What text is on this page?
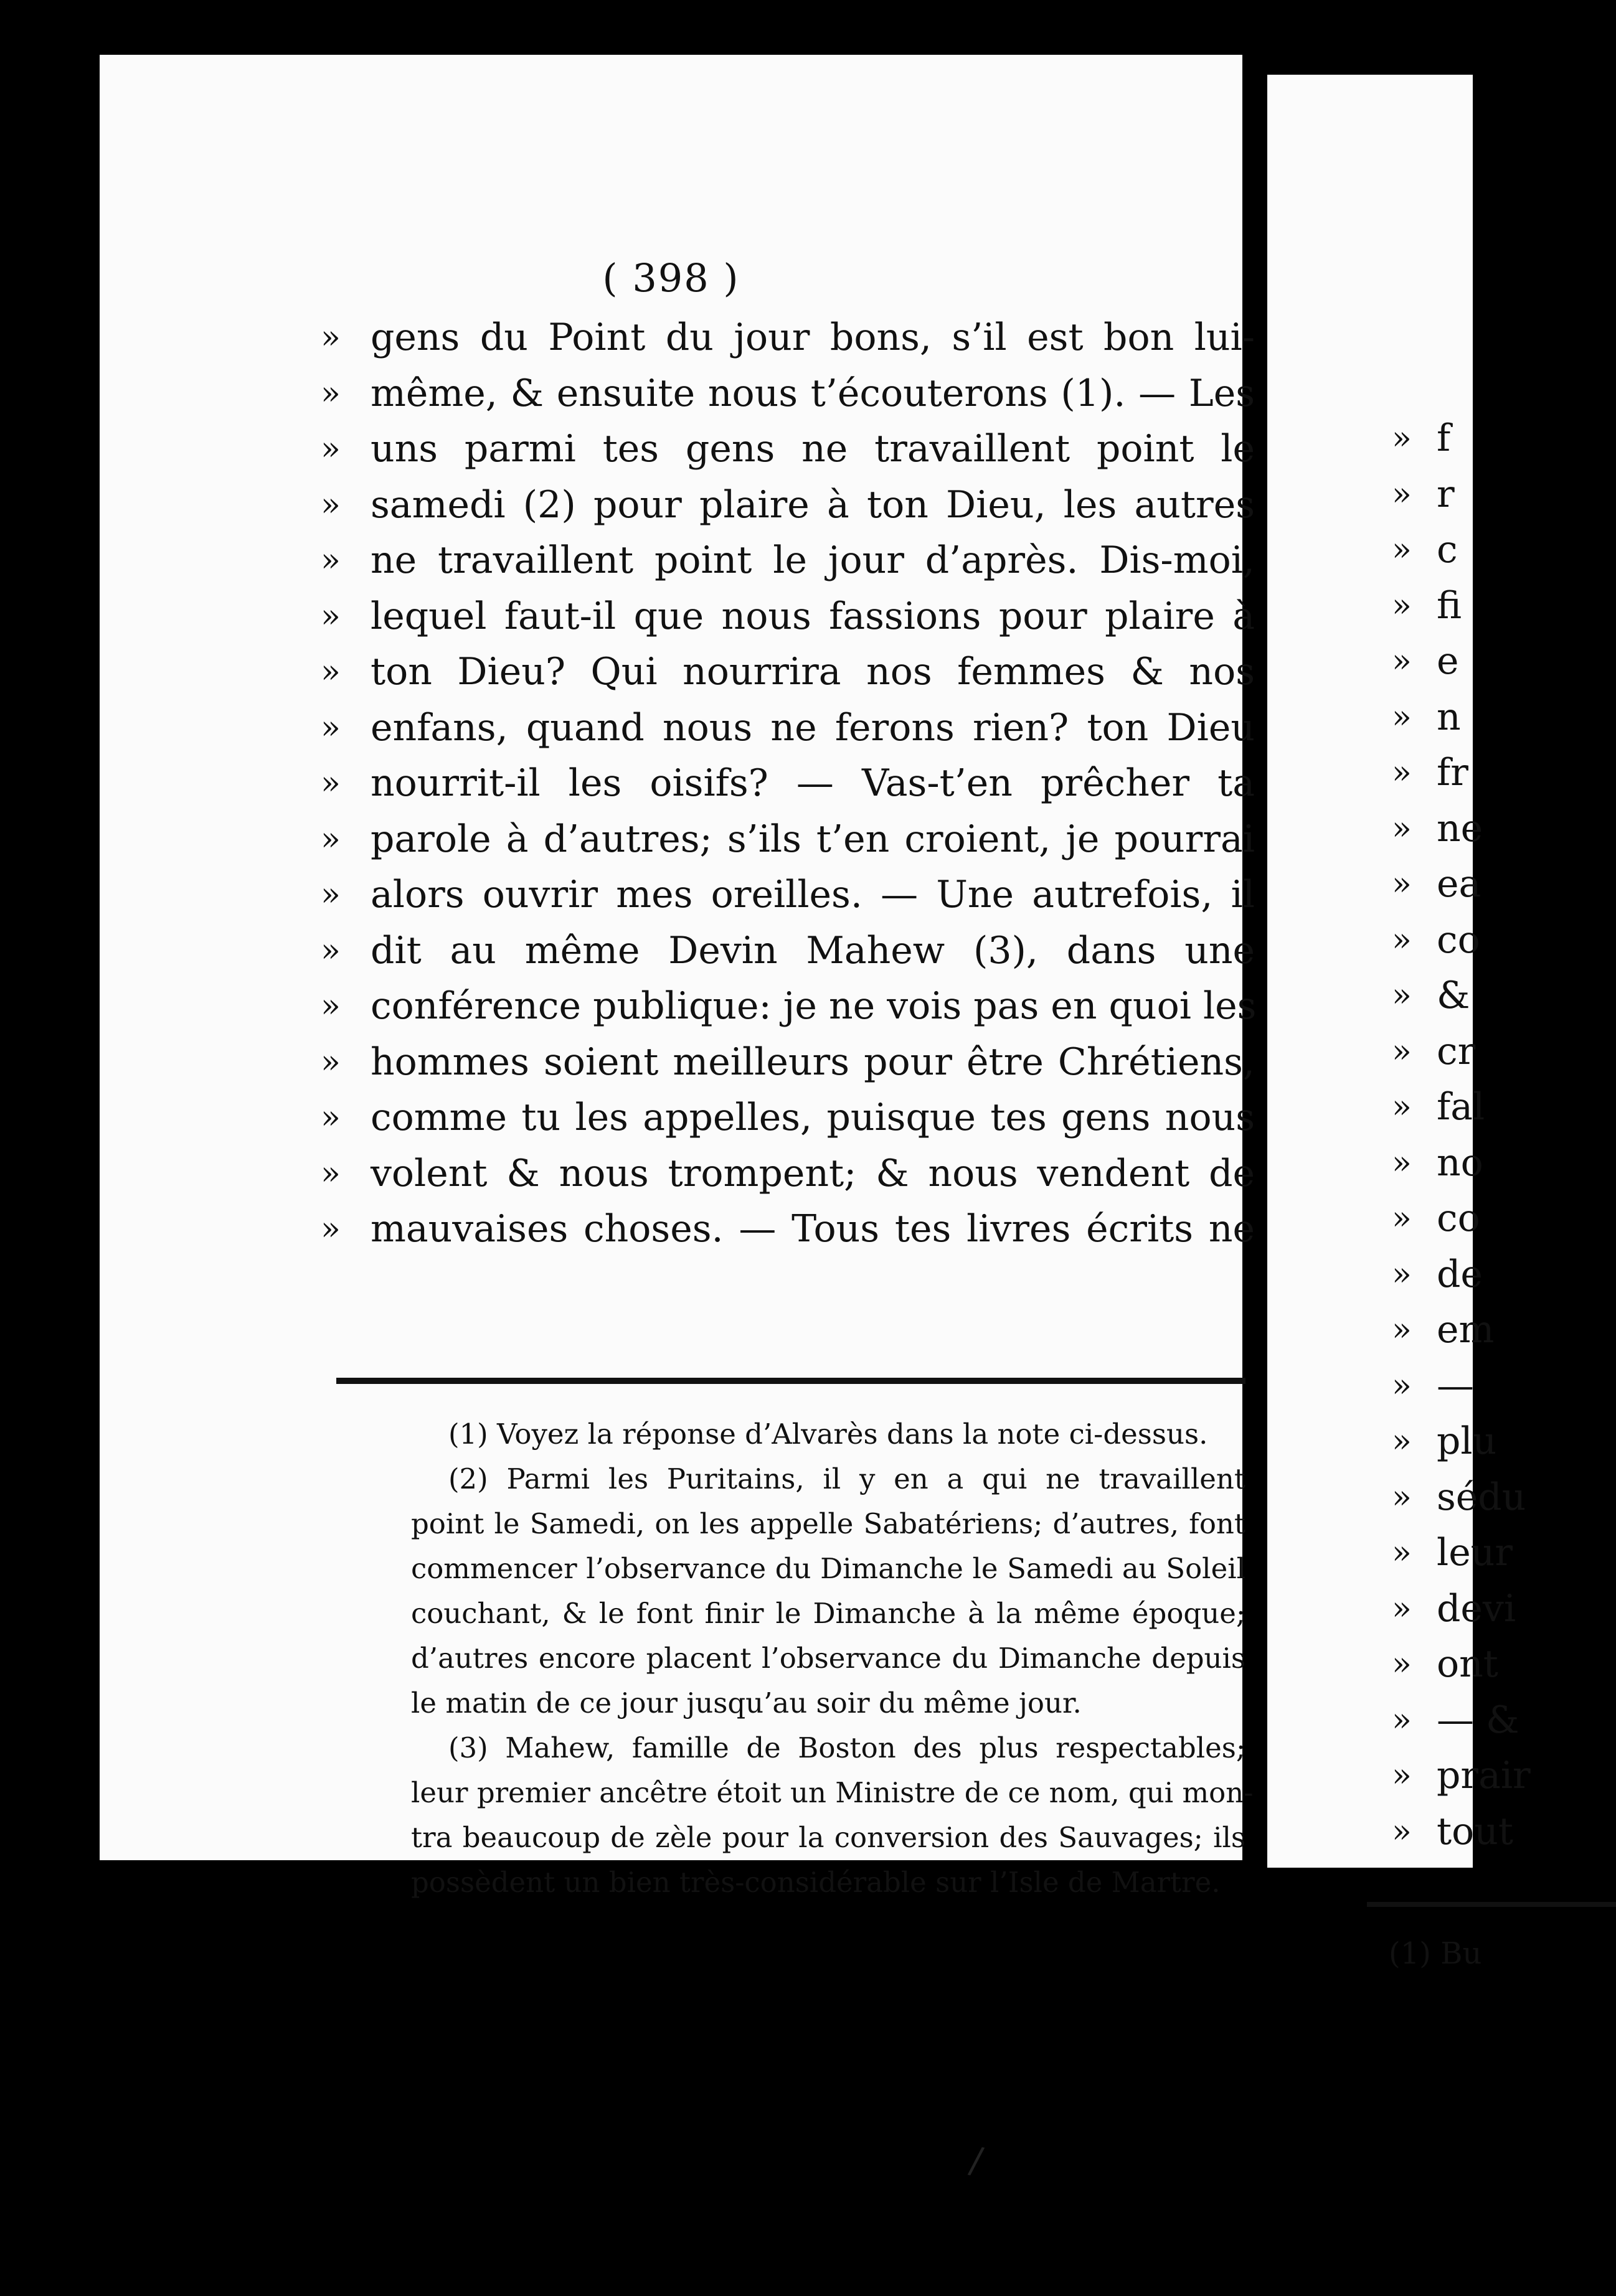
( 398 )
» gens du Point du jour bons, s’il est bon lui-
» même, & ensuite nous t’écouterons (1). — Les
» uns parmi tes gens ne travaillent point le
» samedi (2) pour plaire à ton Dieu, les autres
» ne travaillent point le jour d’après. Dis-moi,
» lequel faut-il que nous fassions pour plaire à
» ton Dieu? Qui nourrira nos femmes & nos
» enfans, quand nous ne ferons rien? ton Dieu
» nourrit-il les oisifs? — Vas-t’en prêcher ta
» parole à d’autres; s’ils t’en croient, je pourrai
» alors ouvrir mes oreilles. — Une autrefois, il
» dit au même Devin Mahew (3), dans une
» conférence publique: je ne vois pas en quoi les
» hommes soient meilleurs pour être Chrétiens,
» comme tu les appelles, puisque tes gens nous
» volent & nous trompent; & nous vendent de
» mauvaises choses. — Tous tes livres écrits ne
(1) Voyez la réponse d’Alvarès dans la note ci-dessus.
(2) Parmi les Puritains, il y en a qui ne travaillent
point le Samedi, on les appelle Sabatériens; d’autres, font
commencer l’observance du Dimanche le Samedi au Soleil
couchant, & le font finir le Dimanche à la même époque;
d’autres encore placent l’observance du Dimanche depuis
le matin de ce jour jusqu’au soir du même jour.
(3) Mahew, famille de Boston des plus respectables;
leur premier ancêtre étoit un Ministre de ce nom, qui mon-
tra beaucoup de zèle pour la conversion des Sauvages; ils
possèdent un bien très-considérable sur l’Isle de Martre.
/
» f
» r
» c
» fi
» e
» n
» fr
» ne
» ea
» co
» &
» cr
» fal
» no
» co
» de
» em
» —
» plu
» sédu
» leur
» devi
» ont
» — &
» prair
» tout
(1) Bu
